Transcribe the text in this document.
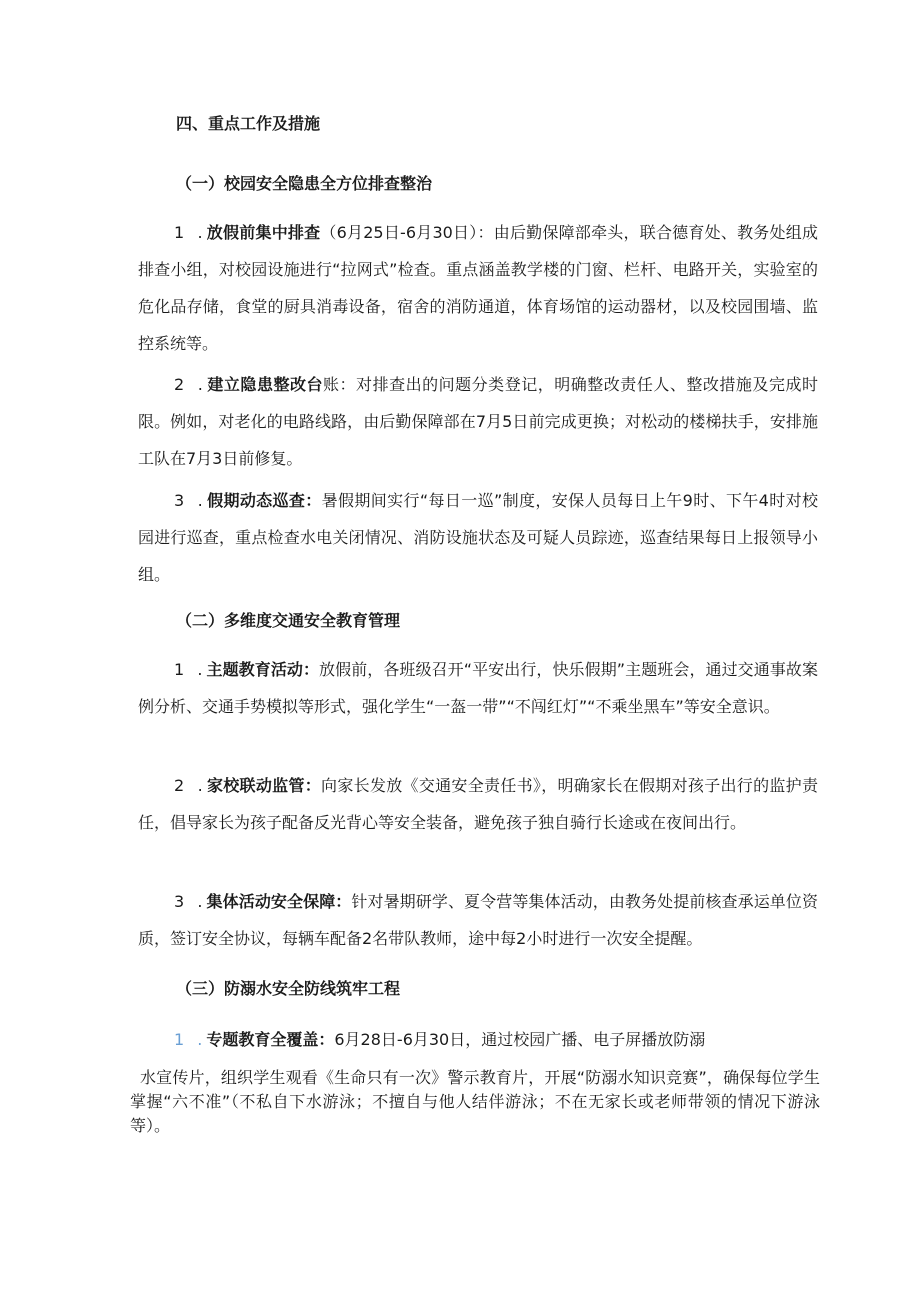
四、重点工作及措施
（一）校园安全隐患全方位排查整治
1 .放假前集中排查（6月25日-6月30日）：由后勤保障部牵头，联合德育处、教务处组成排查小组，对校园设施进行“拉网式”检查。重点涵盖教学楼的门窗、栏杆、电路开关，实验室的危化品存储，食堂的厨具消毒设备，宿舍的消防通道，体育场馆的运动器材，以及校园围墙、监控系统等。
2 .建立隐患整改台账：对排查出的问题分类登记，明确整改责任人、整改措施及完成时限。例如，对老化的电路线路，由后勤保障部在7月5日前完成更换；对松动的楼梯扶手，安排施工队在7月3日前修复。
3 .假期动态巡查：暑假期间实行“每日一巡”制度，安保人员每日上午9时、下午4时对校园进行巡查，重点检查水电关闭情况、消防设施状态及可疑人员踪迹，巡查结果每日上报领导小组。
（二）多维度交通安全教育管理
1 .主题教育活动：放假前，各班级召开“平安出行，快乐假期”主题班会，通过交通事故案例分析、交通手势模拟等形式，强化学生“一盔一带”“不闯红灯”“不乘坐黑车”等安全意识。
2 .家校联动监管：向家长发放《交通安全责任书》，明确家长在假期对孩子出行的监护责任，倡导家长为孩子配备反光背心等安全装备，避免孩子独自骑行长途或在夜间出行。
3 .集体活动安全保障：针对暑期研学、夏令营等集体活动，由教务处提前核查承运单位资质，签订安全协议，每辆车配备2名带队教师，途中每2小时进行一次安全提醒。
（三）防溺水安全防线筑牢工程
1 .专题教育全覆盖：6月28日-6月30日，通过校园广播、电子屏播放防溺
水宣传片，组织学生观看《生命只有一次》警示教育片，开展“防溺水知识竞赛”，确保每位学生掌握“六不准”（不私自下水游泳；不擅自与他人结伴游泳；不在无家长或老师带领的情况下游泳等）。
